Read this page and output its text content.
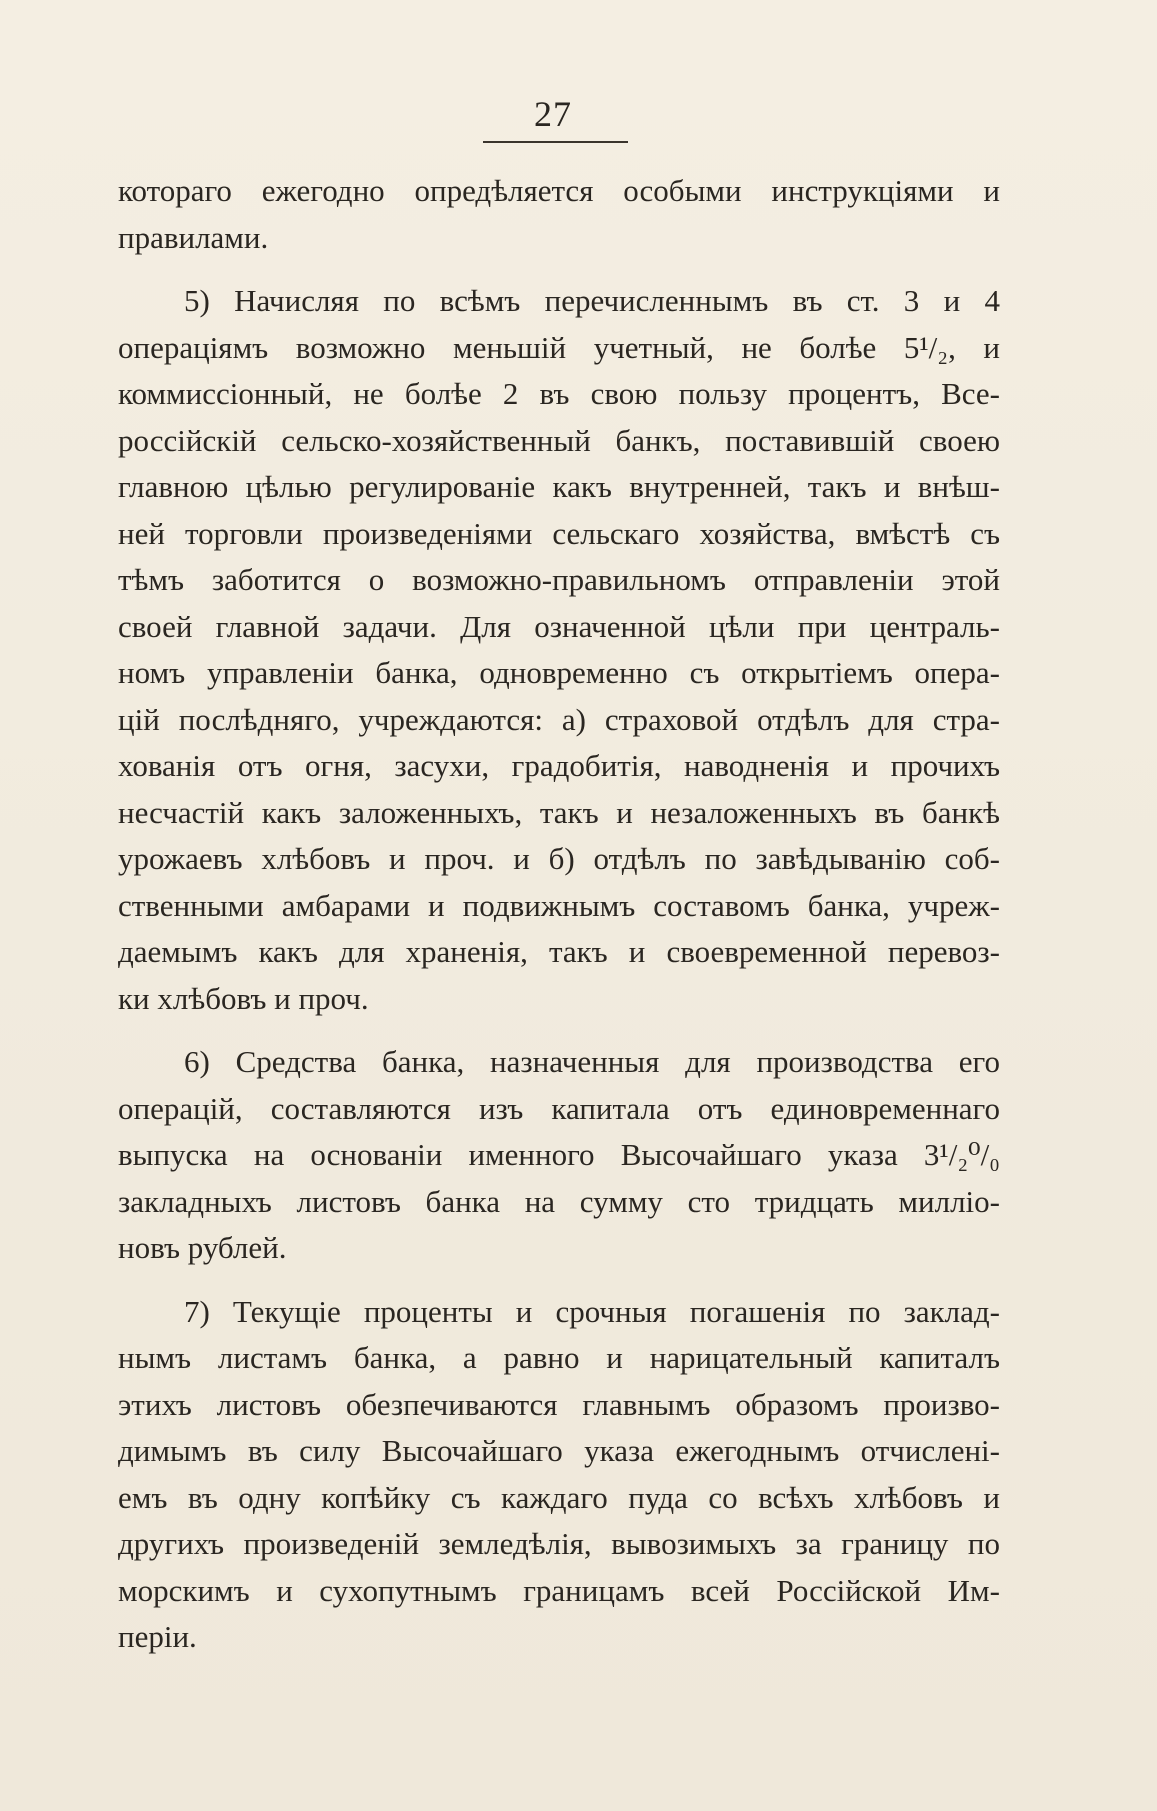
27

котораго ежегодно опредѣляется особыми инструкціями и
правилами.

5) Начисляя по всѣмъ перечисленнымъ въ ст. 3 и 4
операціямъ возможно меньшій учетный, не болѣе 5¹/₂, и
коммиссіонный, не болѣе 2 въ свою пользу процентъ, Все-
россійскій сельско-хозяйственный банкъ, поставившій своею
главною цѣлью регулированіе какъ внутренней, такъ и внѣш-
ней торговли произведеніями сельскаго хозяйства, вмѣстѣ съ
тѣмъ заботится о возможно-правильномъ отправленіи этой
своей главной задачи. Для означенной цѣли при централь-
номъ управленіи банка, одновременно съ открытіемъ опера-
цій послѣдняго, учреждаются: а) страховой отдѣлъ для стра-
хованія отъ огня, засухи, градобитія, наводненія и прочихъ
несчастій какъ заложенныхъ, такъ и незаложенныхъ въ банкѣ
урожаевъ хлѣбовъ и проч. и б) отдѣлъ по завѣдыванію соб-
ственными амбарами и подвижнымъ составомъ банка, учреж-
даемымъ какъ для храненія, такъ и своевременной перевоз-
ки хлѣбовъ и проч.

6) Средства банка, назначенныя для производства его
операцій, составляются изъ капитала отъ единовременнаго
выпуска на основаніи именного Высочайшаго указа 3¹/₂⁰/₀
закладныхъ листовъ банка на сумму сто тридцать милліо-
новъ рублей.

7) Текущіе проценты и срочныя погашенія по заклад-
нымъ листамъ банка, а равно и нарицательный капиталъ
этихъ листовъ обезпечиваются главнымъ образомъ произво-
димымъ въ силу Высочайшаго указа ежегоднымъ отчисленi-
емъ въ одну копѣйку съ каждаго пуда со всѣхъ хлѣбовъ и
другихъ произведеній земледѣлія, вывозимыхъ за границу по
морскимъ и сухопутнымъ границамъ всей Россійской Им-
періи.
